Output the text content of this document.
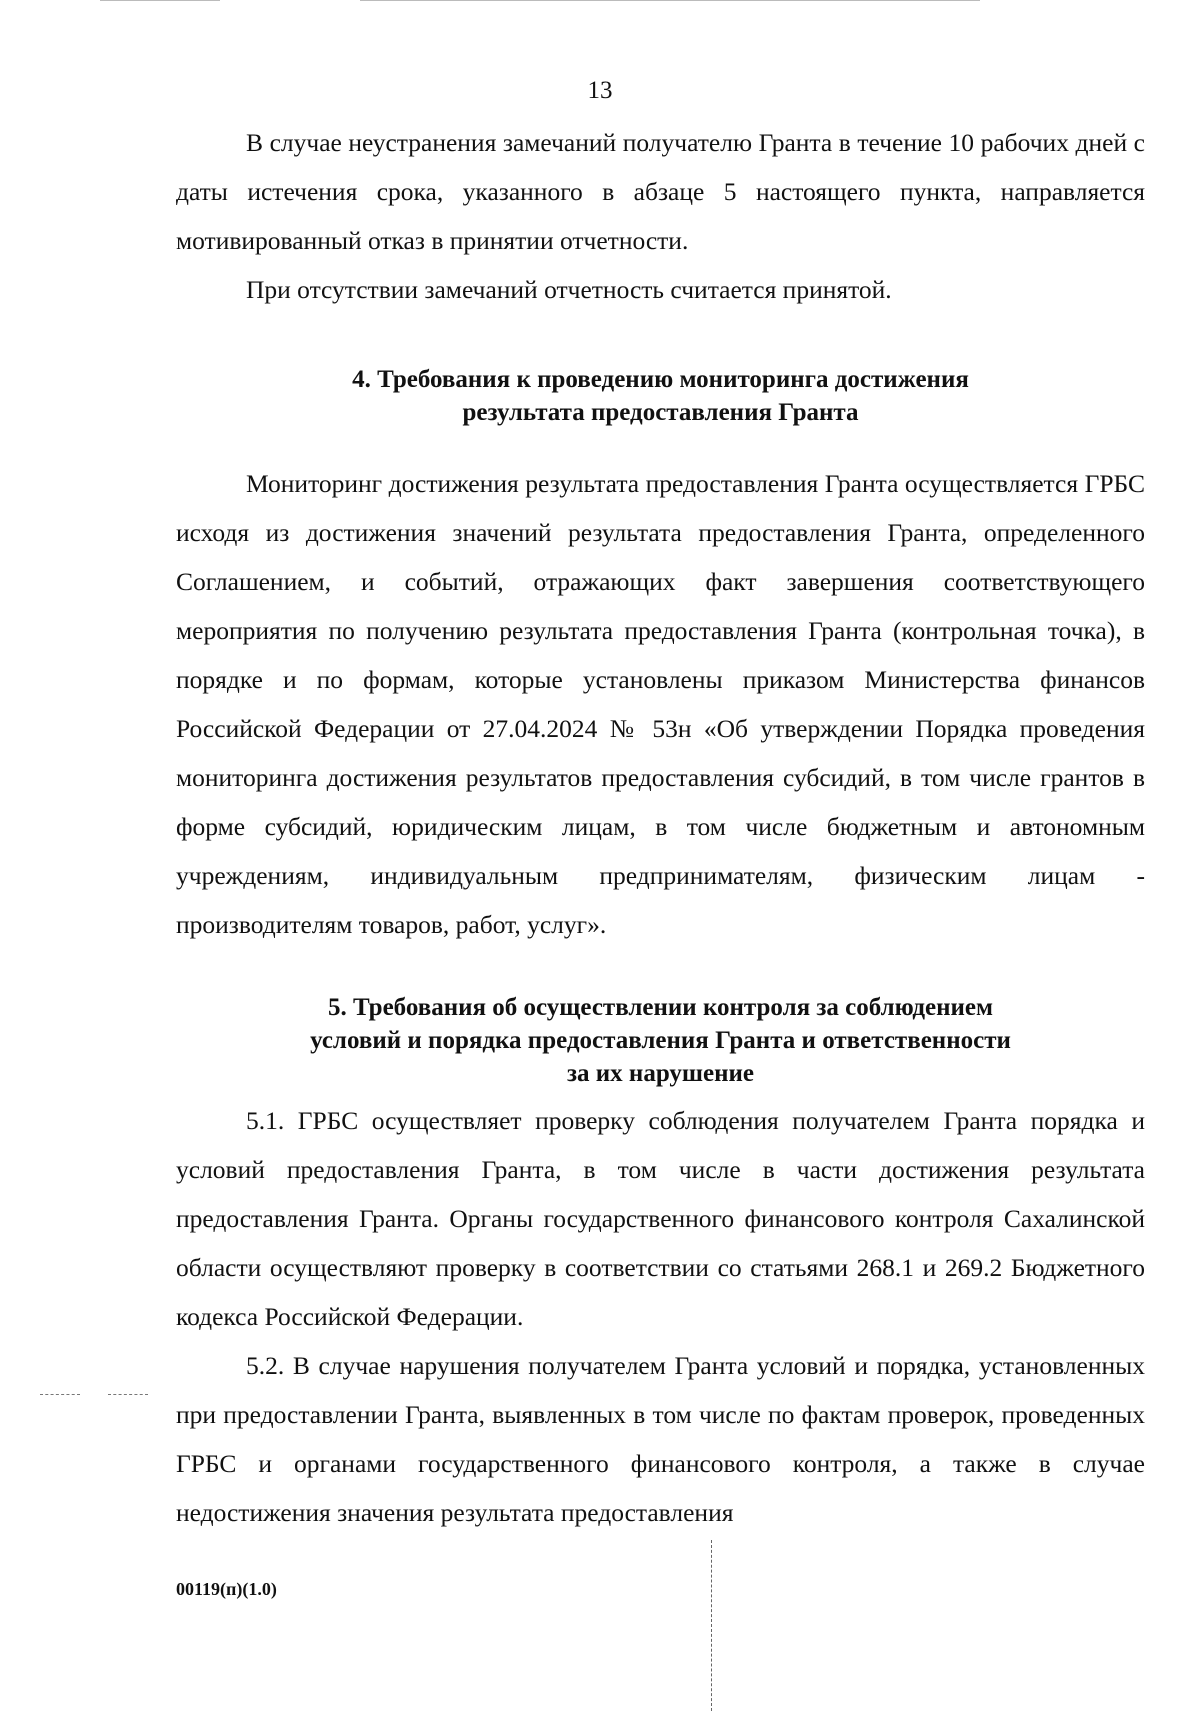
13

В случае неустранения замечаний получателю Гранта в течение 10 рабочих дней с даты истечения срока, указанного в абзаце 5 настоящего пункта, направляется мотивированный отказ в принятии отчетности.

При отсутствии замечаний отчетность считается принятой.

4. Требования к проведению мониторинга достижения
результата предоставления Гранта

Мониторинг достижения результата предоставления Гранта осуществляется ГРБС исходя из достижения значений результата предоставления Гранта, определенного Соглашением, и событий, отражающих факт завершения соответствующего мероприятия по получению результата предоставления Гранта (контрольная точка), в порядке и по формам, которые установлены приказом Министерства финансов Российской Федерации от 27.04.2024 № 53н «Об утверждении Порядка проведения мониторинга достижения результатов предоставления субсидий, в том числе грантов в форме субсидий, юридическим лицам, в том числе бюджетным и автономным учреждениям, индивидуальным предпринимателям, физическим лицам - производителям товаров, работ, услуг».

5. Требования об осуществлении контроля за соблюдением
условий и порядка предоставления Гранта и ответственности
за их нарушение

5.1. ГРБС осуществляет проверку соблюдения получателем Гранта порядка и условий предоставления Гранта, в том числе в части достижения результата предоставления Гранта. Органы государственного финансового контроля Сахалинской области осуществляют проверку в соответствии со статьями 268.1 и 269.2 Бюджетного кодекса Российской Федерации.

5.2. В случае нарушения получателем Гранта условий и порядка, установленных при предоставлении Гранта, выявленных в том числе по фактам проверок, проведенных ГРБС и органами государственного финансового контроля, а также в случае недостижения значения результата предоставления

00119(п)(1.0)
